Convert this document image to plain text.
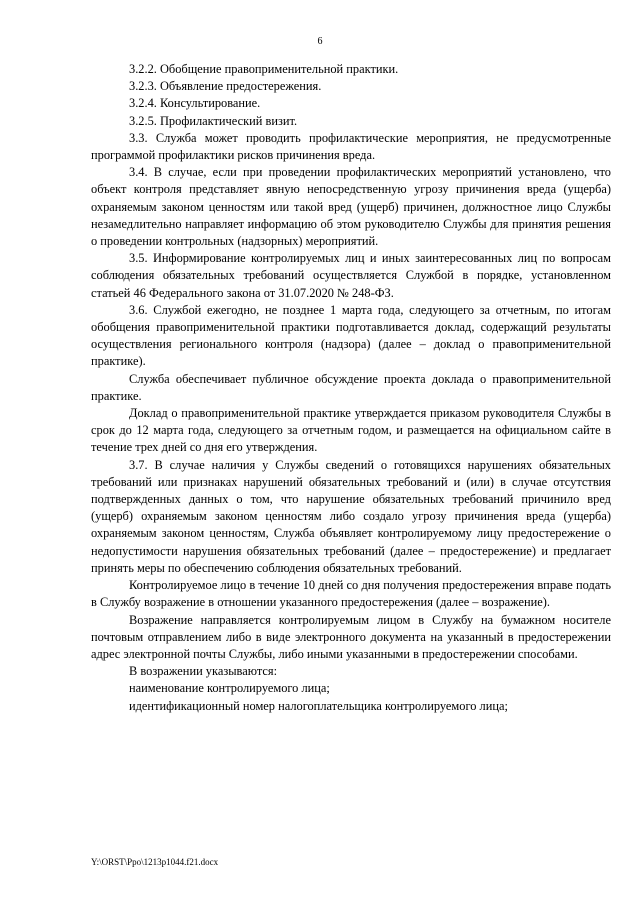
6

3.2.2. Обобщение правоприменительной практики.

3.2.3. Объявление предостережения.

3.2.4. Консультирование.

3.2.5. Профилактический визит.

3.3. Служба может проводить профилактические мероприятия, не предусмотренные программой профилактики рисков причинения вреда.

3.4. В случае, если при проведении профилактических мероприятий установлено, что объект контроля представляет явную непосредственную угрозу причинения вреда (ущерба) охраняемым законом ценностям или такой вред (ущерб) причинен, должностное лицо Службы незамедлительно направляет информацию об этом руководителю Службы для принятия решения о проведении контрольных (надзорных) мероприятий.

3.5. Информирование контролируемых лиц и иных заинтересованных лиц по вопросам соблюдения обязательных требований осуществляется Службой в порядке, установленном статьей 46 Федерального закона от 31.07.2020 № 248-ФЗ.

3.6. Службой ежегодно, не позднее 1 марта года, следующего за отчетным, по итогам обобщения правоприменительной практики подготавливается доклад, содержащий результаты осуществления регионального контроля (надзора) (далее – доклад о правоприменительной практике).

Служба обеспечивает публичное обсуждение проекта доклада о правоприменительной практике.

Доклад о правоприменительной практике утверждается приказом руководителя Службы в срок до 12 марта года, следующего за отчетным годом, и размещается на официальном сайте в течение трех дней со дня его утверждения.

3.7. В случае наличия у Службы сведений о готовящихся нарушениях обязательных требований или признаках нарушений обязательных требований и (или) в случае отсутствия подтвержденных данных о том, что нарушение обязательных требований причинило вред (ущерб) охраняемым законом ценностям либо создало угрозу причинения вреда (ущерба) охраняемым законом ценностям, Служба объявляет контролируемому лицу предостережение о недопустимости нарушения обязательных требований (далее – предостережение) и предлагает принять меры по обеспечению соблюдения обязательных требований.

Контролируемое лицо в течение 10 дней со дня получения предостережения вправе подать в Службу возражение в отношении указанного предостережения (далее – возражение).

Возражение направляется контролируемым лицом в Службу на бумажном носителе почтовым отправлением либо в виде электронного документа на указанный в предостережении адрес электронной почты Службы, либо иными указанными в предостережении способами.

В возражении указываются:

наименование контролируемого лица;

идентификационный номер налогоплательщика контролируемого лица;

Y:\ORST\Ppo\1213p1044.f21.docx
